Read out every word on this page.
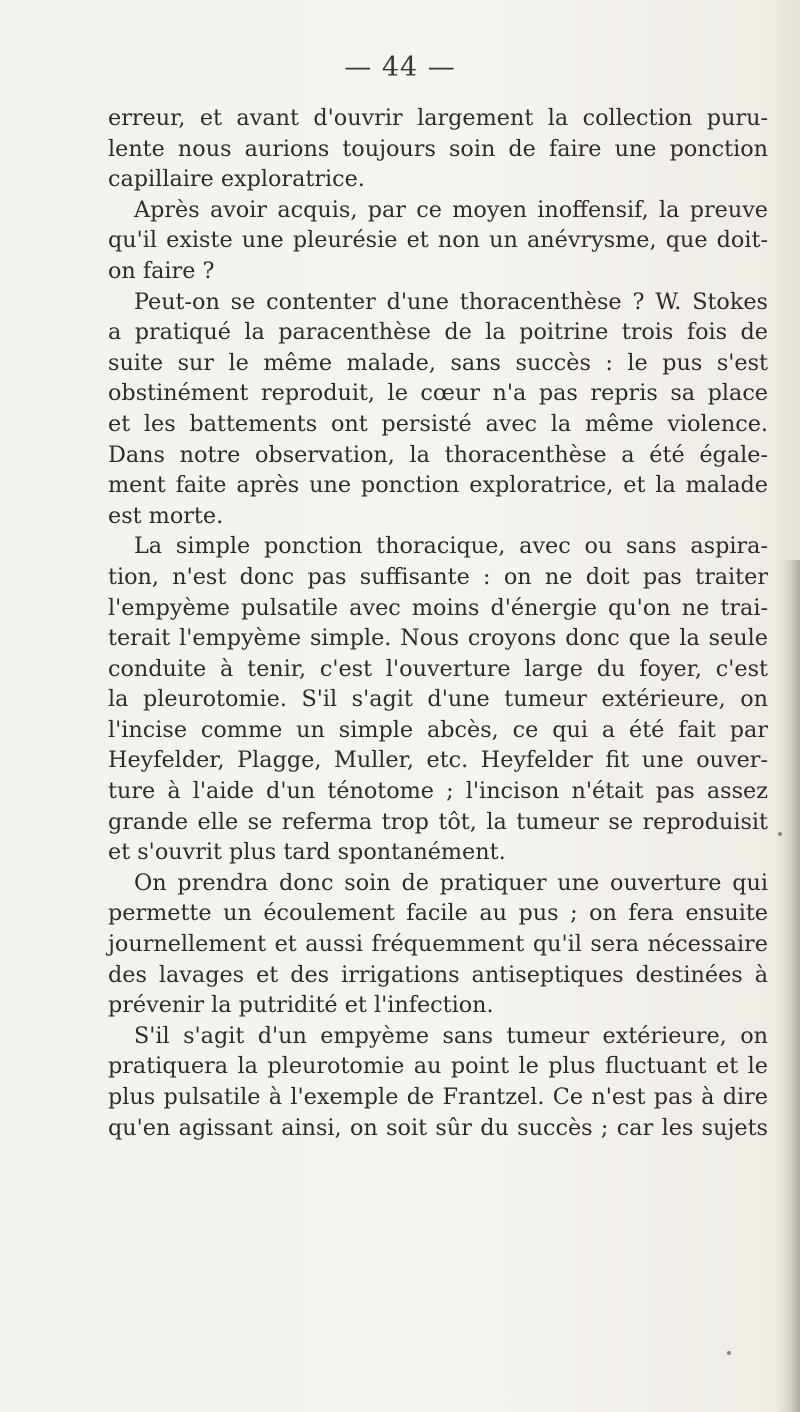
— 44 —
erreur, et avant d'ouvrir largement la collection puru-
lente nous aurions toujours soin de faire une ponction
capillaire exploratrice.
Après avoir acquis, par ce moyen inoffensif, la preuve
qu'il existe une pleurésie et non un anévrysme, que doit-
on faire ?
Peut-on se contenter d'une thoracenthèse ? W. Stokes
a pratiqué la paracenthèse de la poitrine trois fois de
suite sur le même malade, sans succès : le pus s'est
obstinément reproduit, le cœur n'a pas repris sa place
et les battements ont persisté avec la même violence.
Dans notre observation, la thoracenthèse a été égale-
ment faite après une ponction exploratrice, et la malade
est morte.
La simple ponction thoracique, avec ou sans aspira-
tion, n'est donc pas suffisante : on ne doit pas traiter
l'empyème pulsatile avec moins d'énergie qu'on ne trai-
terait l'empyème simple. Nous croyons donc que la seule
conduite à tenir, c'est l'ouverture large du foyer, c'est
la pleurotomie. S'il s'agit d'une tumeur extérieure, on
l'incise comme un simple abcès, ce qui a été fait par
Heyfelder, Plagge, Muller, etc. Heyfelder fit une ouver-
ture à l'aide d'un ténotome ; l'incison n'était pas assez
grande elle se referma trop tôt, la tumeur se reproduisit
et s'ouvrit plus tard spontanément.
On prendra donc soin de pratiquer une ouverture qui
permette un écoulement facile au pus ; on fera ensuite
journellement et aussi fréquemment qu'il sera nécessaire
des lavages et des irrigations antiseptiques destinées à
prévenir la putridité et l'infection.
S'il s'agit d'un empyème sans tumeur extérieure, on
pratiquera la pleurotomie au point le plus fluctuant et le
plus pulsatile à l'exemple de Frantzel. Ce n'est pas à dire
qu'en agissant ainsi, on soit sûr du succès ; car les sujets
